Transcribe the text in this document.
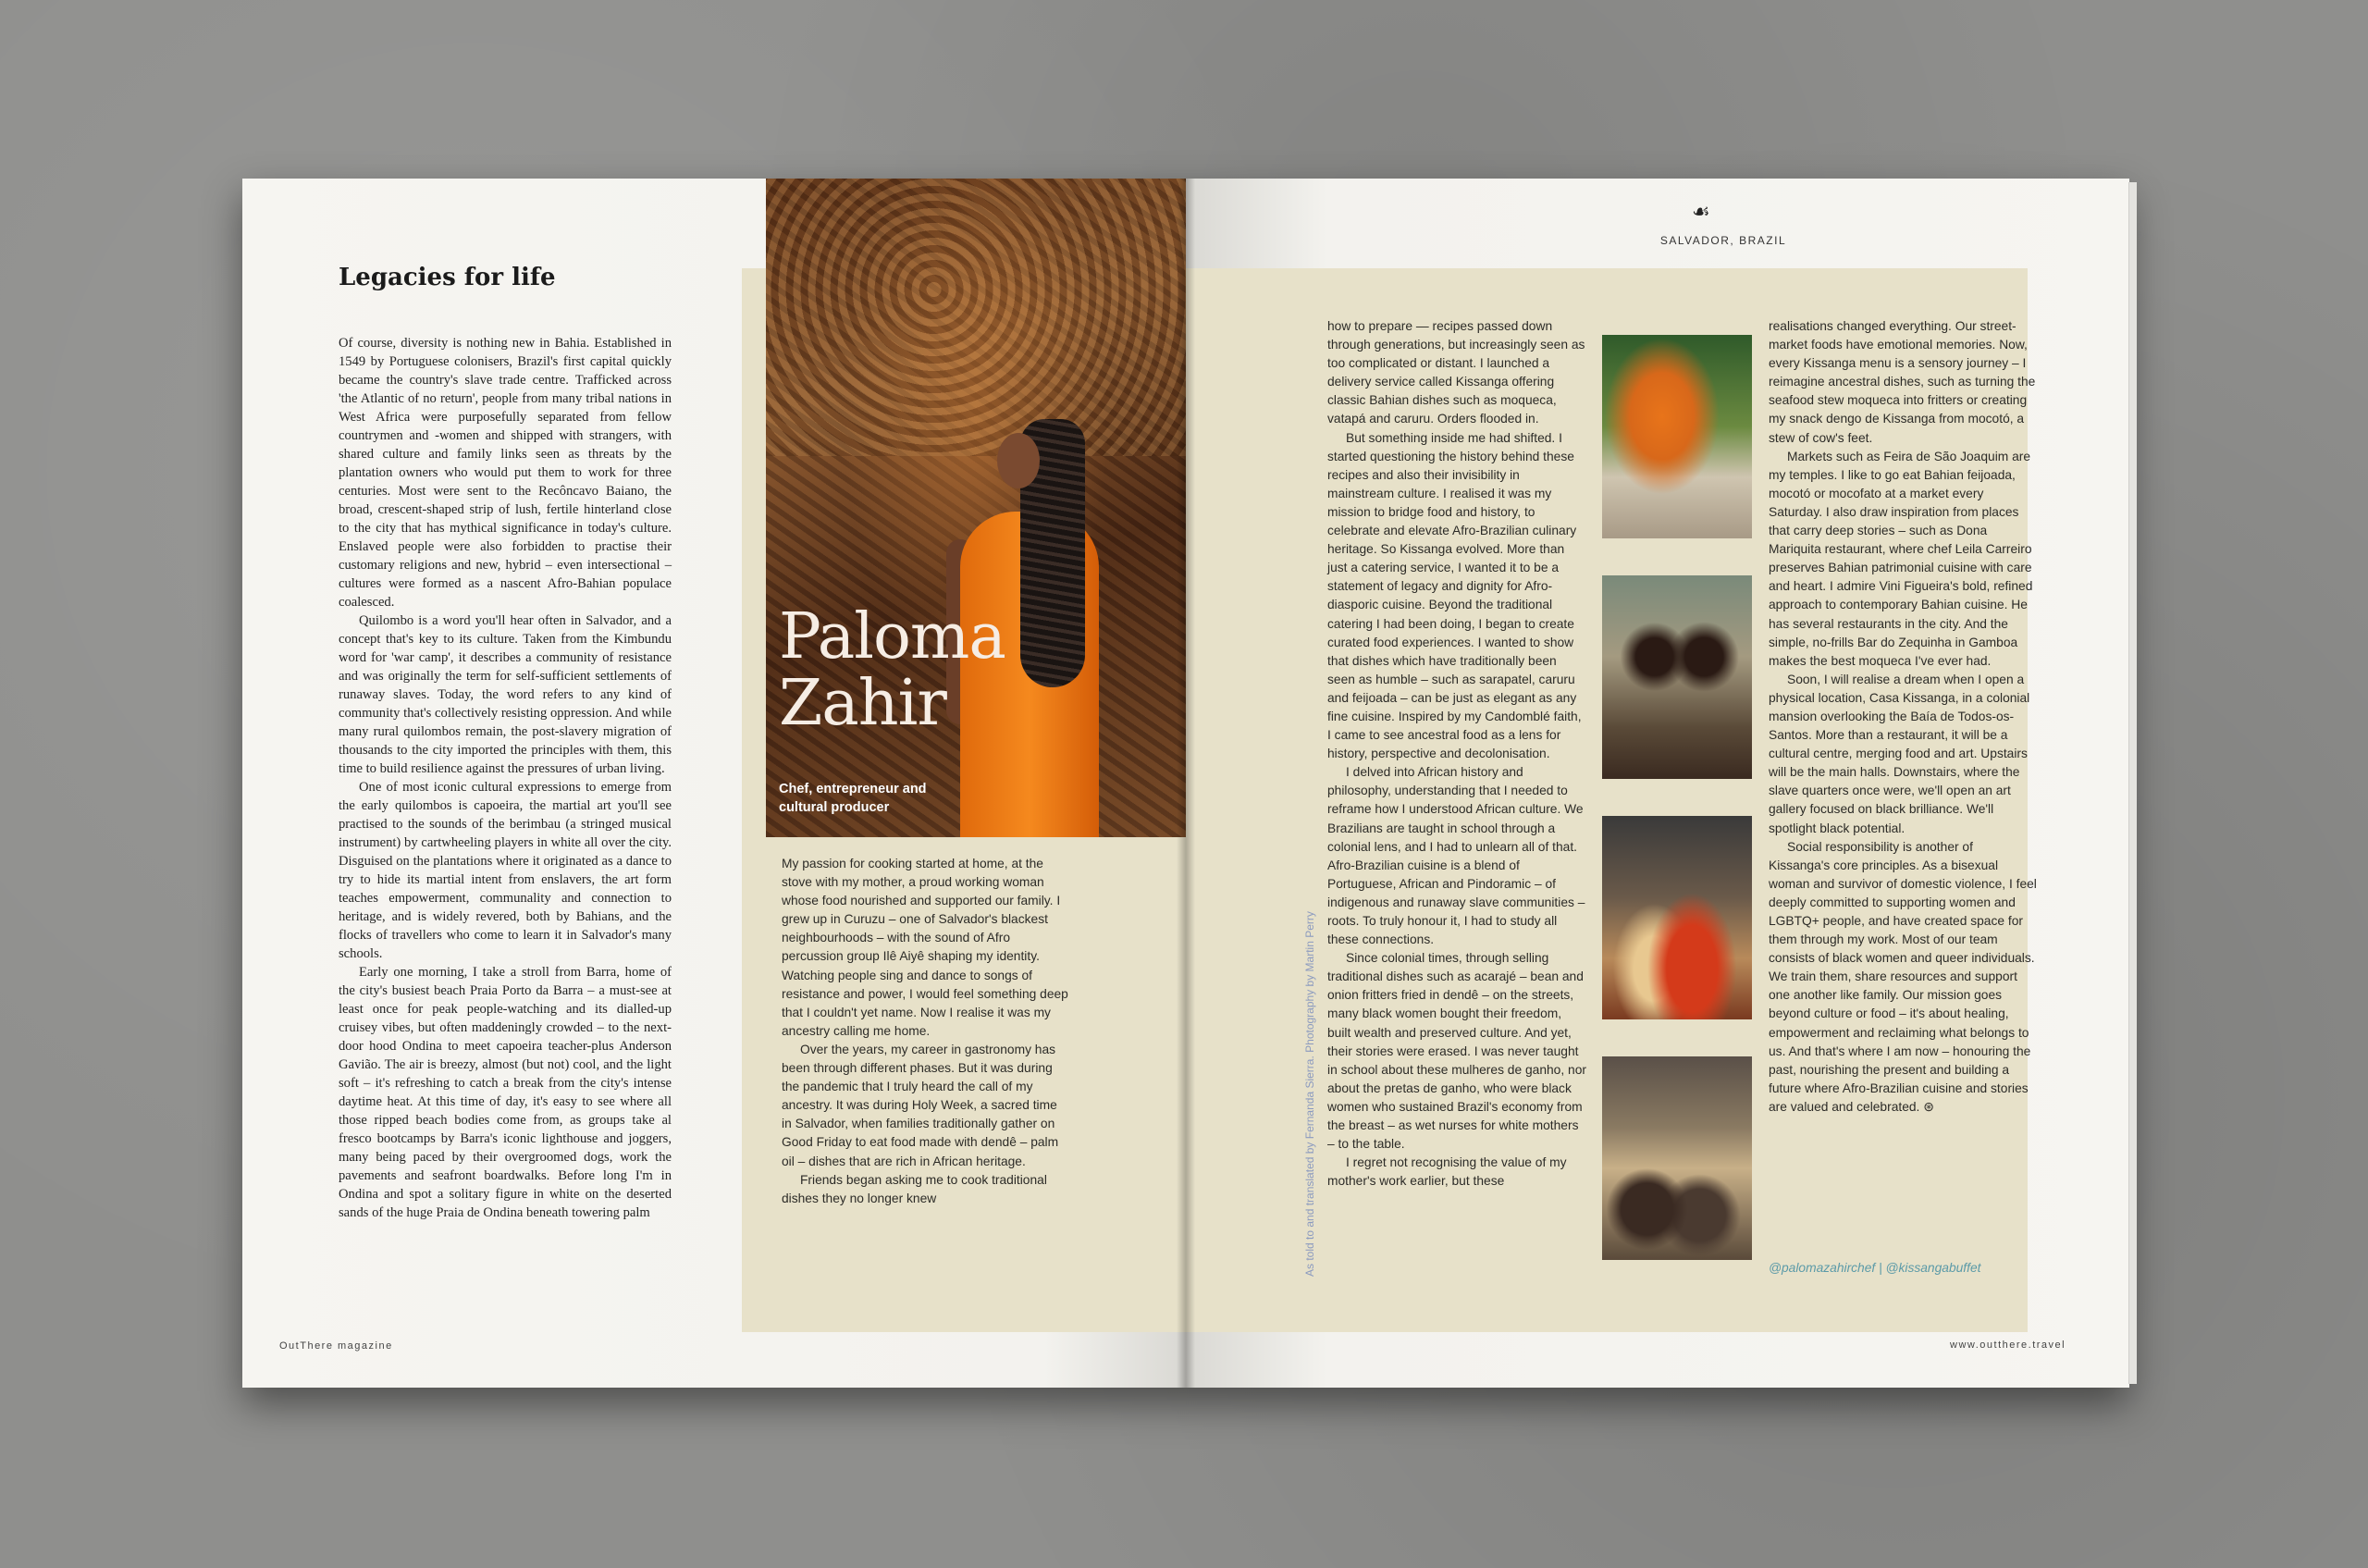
Legacies for life

Of course, diversity is nothing new in Bahia. Established in 1549 by Portuguese colonisers, Brazil's first capital quickly became the country's slave trade centre. Trafficked across 'the Atlantic of no return', people from many tribal nations in West Africa were purposefully separated from fellow countrymen and -women and shipped with strangers, with shared culture and family links seen as threats by the plantation owners who would put them to work for three centuries. Most were sent to the Recôncavo Baiano, the broad, crescent-shaped strip of lush, fertile hinterland close to the city that has mythical significance in today's culture. Enslaved people were also forbidden to practise their customary religions and new, hybrid – even intersectional – cultures were formed as a nascent Afro-Bahian populace coalesced.

Quilombo is a word you'll hear often in Salvador, and a concept that's key to its culture. Taken from the Kimbundu word for 'war camp', it describes a community of resistance and was originally the term for self-sufficient settlements of runaway slaves. Today, the word refers to any kind of community that's collectively resisting oppression. And while many rural quilombos remain, the post-slavery migration of thousands to the city imported the principles with them, this time to build resilience against the pressures of urban living.

One of most iconic cultural expressions to emerge from the early quilombos is capoeira, the martial art you'll see practised to the sounds of the berimbau (a stringed musical instrument) by cartwheeling players in white all over the city. Disguised on the plantations where it originated as a dance to try to hide its martial intent from enslavers, the art form teaches empowerment, communality and connection to heritage, and is widely revered, both by Bahians, and the flocks of travellers who come to learn it in Salvador's many schools.

Early one morning, I take a stroll from Barra, home of the city's busiest beach Praia Porto da Barra – a must-see at least once for peak people-watching and its dialled-up cruisey vibes, but often maddeningly crowded – to the next-door hood Ondina to meet capoeira teacher-plus Anderson Gavião. The air is breezy, almost (but not) cool, and the light soft – it's refreshing to catch a break from the city's intense daytime heat. At this time of day, it's easy to see where all those ripped beach bodies come from, as groups take al fresco bootcamps by Barra's iconic lighthouse and joggers, many being paced by their overgroomed dogs, work the pavements and seafront boardwalks. Before long I'm in Ondina and spot a solitary figure in white on the deserted sands of the huge Praia de Ondina beneath towering palm

Paloma
Zahir
Chef, entrepreneur and
cultural producer

My passion for cooking started at home, at the stove with my mother, a proud working woman whose food nourished and supported our family. I grew up in Curuzu – one of Salvador's blackest neighbourhoods – with the sound of Afro percussion group Ilê Aiyê shaping my identity. Watching people sing and dance to songs of resistance and power, I would feel something deep that I couldn't yet name. Now I realise it was my ancestry calling me home.

Over the years, my career in gastronomy has been through different phases. But it was during the pandemic that I truly heard the call of my ancestry. It was during Holy Week, a sacred time in Salvador, when families traditionally gather on Good Friday to eat food made with dendê – palm oil – dishes that are rich in African heritage.

Friends began asking me to cook traditional dishes they no longer knew

OutThere magazine
☙
SALVADOR, BRAZIL

how to prepare — recipes passed down through generations, but increasingly seen as too complicated or distant. I launched a delivery service called Kissanga offering classic Bahian dishes such as moqueca, vatapá and caruru. Orders flooded in.

But something inside me had shifted. I started questioning the history behind these recipes and also their invisibility in mainstream culture. I realised it was my mission to bridge food and history, to celebrate and elevate Afro-Brazilian culinary heritage. So Kissanga evolved. More than just a catering service, I wanted it to be a statement of legacy and dignity for Afro-diasporic cuisine. Beyond the traditional catering I had been doing, I began to create curated food experiences. I wanted to show that dishes which have traditionally been seen as humble – such as sarapatel, caruru and feijoada – can be just as elegant as any fine cuisine. Inspired by my Candomblé faith, I came to see ancestral food as a lens for history, perspective and decolonisation.

I delved into African history and philosophy, understanding that I needed to reframe how I understood African culture. We Brazilians are taught in school through a colonial lens, and I had to unlearn all of that. Afro-Brazilian cuisine is a blend of Portuguese, African and Pindoramic – of indigenous and runaway slave communities – roots. To truly honour it, I had to study all these connections.

Since colonial times, through selling traditional dishes such as acarajé – bean and onion fritters fried in dendê – on the streets, many black women bought their freedom, built wealth and preserved culture. And yet, their stories were erased. I was never taught in school about these mulheres de ganho, nor about the pretas de ganho, who were black women who sustained Brazil's economy from the breast – as wet nurses for white mothers – to the table.

I regret not recognising the value of my mother's work earlier, but these

realisations changed everything. Our street-market foods have emotional memories. Now, every Kissanga menu is a sensory journey – I reimagine ancestral dishes, such as turning the seafood stew moqueca into fritters or creating my snack dengo de Kissanga from mocotó, a stew of cow's feet.

Markets such as Feira de São Joaquim are my temples. I like to go eat Bahian feijoada, mocotó or mocofato at a market every Saturday. I also draw inspiration from places that carry deep stories – such as Dona Mariquita restaurant, where chef Leila Carreiro preserves Bahian patrimonial cuisine with care and heart. I admire Vini Figueira's bold, refined approach to contemporary Bahian cuisine. He has several restaurants in the city. And the simple, no-frills Bar do Zequinha in Gamboa makes the best moqueca I've ever had.

Soon, I will realise a dream when I open a physical location, Casa Kissanga, in a colonial mansion overlooking the Baía de Todos-os-Santos. More than a restaurant, it will be a cultural centre, merging food and art. Upstairs will be the main halls. Downstairs, where the slave quarters once were, we'll open an art gallery focused on black brilliance. We'll spotlight black potential.

Social responsibility is another of Kissanga's core principles. As a bisexual woman and survivor of domestic violence, I feel deeply committed to supporting women and LGBTQ+ people, and have created space for them through my work. Most of our team consists of black women and queer individuals. We train them, share resources and support one another like family. Our mission goes beyond culture or food – it's about healing, empowerment and reclaiming what belongs to us. And that's where I am now – honouring the past, nourishing the present and building a future where Afro-Brazilian cuisine and stories are valued and celebrated. ⊛

@palomazahirchef | @kissangabuffet
www.outthere.travel
As told to and translated by Fernanda Sierra. Photography by Martin Perry
